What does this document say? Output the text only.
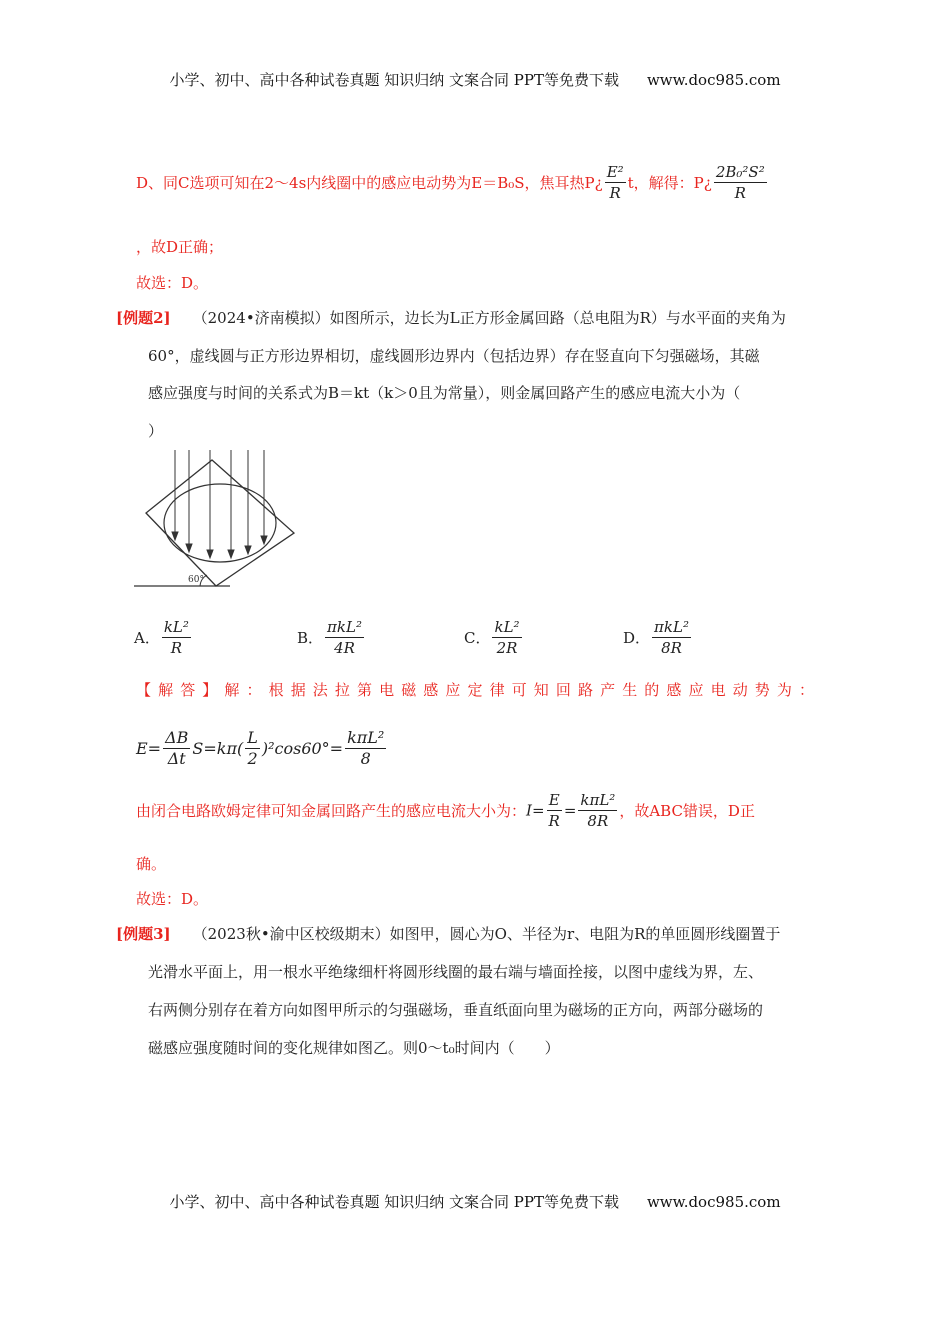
小学、初中、高中各种试卷真题 知识归纳 文案合同 PPT等免费下载 www.doc985.com
D、同C选项可知在2～4s内线圈中的感应电动势为E＝B₀S，焦耳热P¿ $\frac{\text{E²}}{R}$ t，解得：P¿ $\frac{\text{2B₀²S²}}{R}$
，故D正确；
故选：D。
[例题2] （2024•济南模拟）如图所示，边长为L正方形金属回路（总电阻为R）与水平面的夹角为
60°，虚线圆与正方形边界相切，虚线圆形边界内（包括边界）存在竖直向下匀强磁场，其磁
感应强度与时间的关系式为B＝kt（k＞0且为常量），则金属回路产生的感应电流大小为（
）
60°
A． $\frac{\text{kL²}}{R}$	B． $\frac{\text{πkL²}}{4R}$	C． $\frac{\text{kL²}}{2R}$	D． $\frac{\text{πkL²}}{8R}$
【解答】解：根据法拉第电磁感应定律可知回路产生的感应电动势为：
$E= \frac{\Delta B}{\Delta t} S=k\pi( \frac{L}{2} )^2\cos 60^\circ= \frac{\text{kπL²}}{8}$
由闭合电路欧姆定律可知金属回路产生的感应电流大小为：$I= \frac{E}{R} = \frac{\text{kπL²}}{8R}$ ，故ABC错误，D正
确。
故选：D。
[例题3] （2023秋•渝中区校级期末）如图甲，圆心为O、半径为r、电阻为R的单匝圆形线圈置于
光滑水平面上，用一根水平绝缘细杆将圆形线圈的最右端与墙面拴接，以图中虚线为界，左、
右两侧分别存在着方向如图甲所示的匀强磁场，垂直纸面向里为磁场的正方向，两部分磁场的
磁感应强度随时间的变化规律如图乙。则0～t₀时间内（　　）
小学、初中、高中各种试卷真题 知识归纳 文案合同 PPT等免费下载 www.doc985.com
